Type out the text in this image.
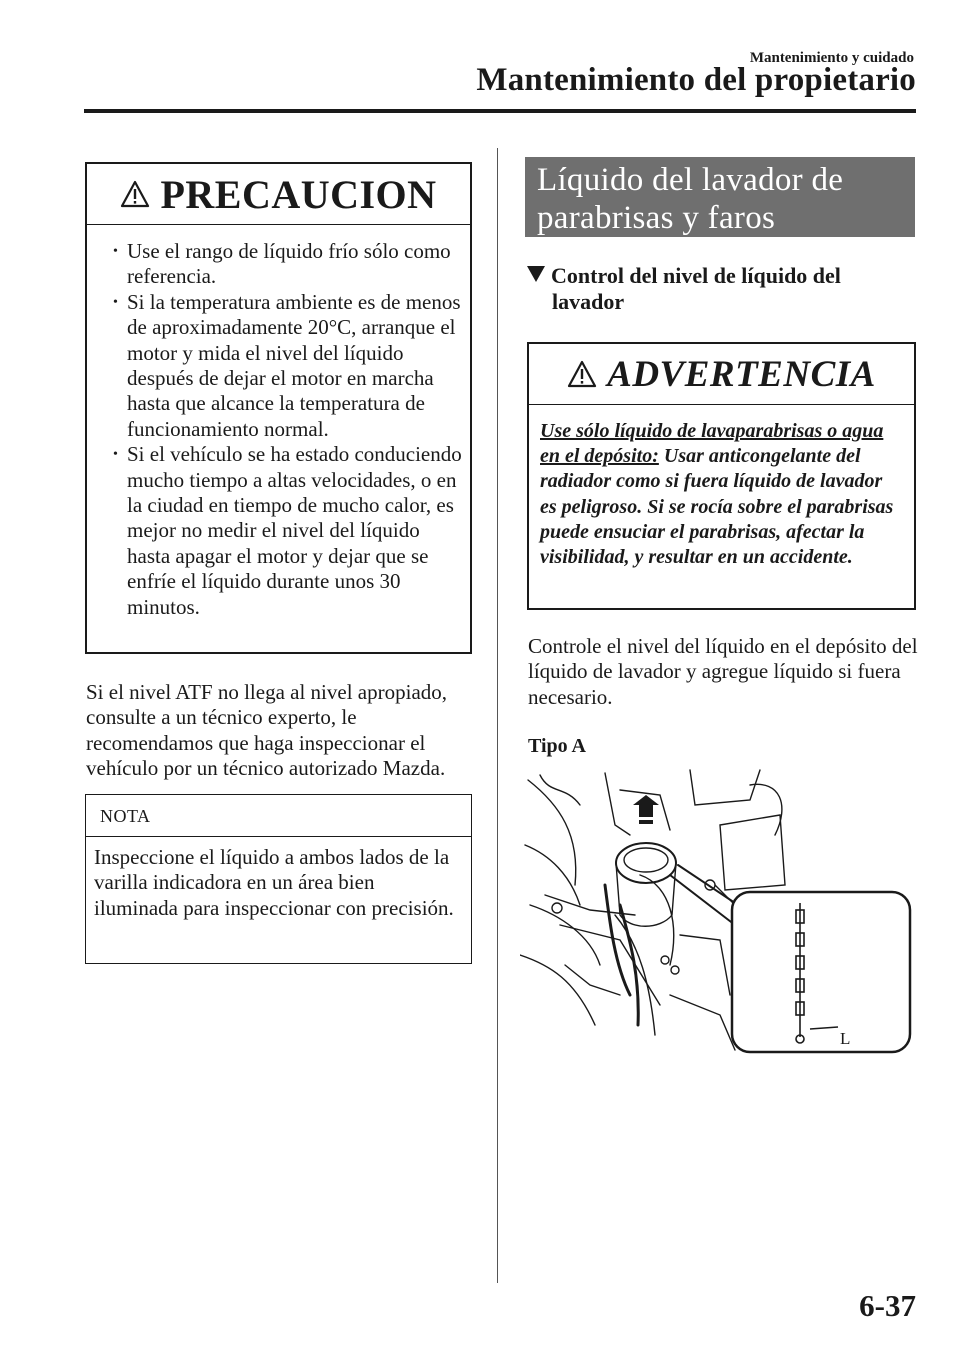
Mantenimiento y cuidado
Mantenimiento del propietario
PRECAUCION
• Use el rango de líquido frío sólo como referencia.
• Si la temperatura ambiente es de menos de aproximadamente 20°C, arranque el motor y mida el nivel del líquido después de dejar el motor en marcha hasta que alcance la temperatura de funcionamiento normal.
• Si el vehículo se ha estado conduciendo mucho tiempo a altas velocidades, o en la ciudad en tiempo de mucho calor, es mejor no medir el nivel del líquido hasta apagar el motor y dejar que se enfríe el líquido durante unos 30 minutos.
Si el nivel ATF no llega al nivel apropiado, consulte a un técnico experto, le recomendamos que haga inspeccionar el vehículo por un técnico autorizado Mazda.
NOTA
Inspeccione el líquido a ambos lados de la varilla indicadora en un área bien iluminada para inspeccionar con precisión.
Líquido del lavador de
parabrisas y faros
Control del nivel de líquido del
lavador
ADVERTENCIA
Use sólo líquido de lavaparabrisas o agua en el depósito: Usar anticongelante del radiador como si fuera líquido de lavador es peligroso. Si se rocía sobre el parabrisas puede ensuciar el parabrisas, afectar la visibilidad, y resultar en un accidente.
Controle el nivel del líquido en el depósito del líquido de lavador y agregue líquido si fuera necesario.
Tipo A
L
6-37
